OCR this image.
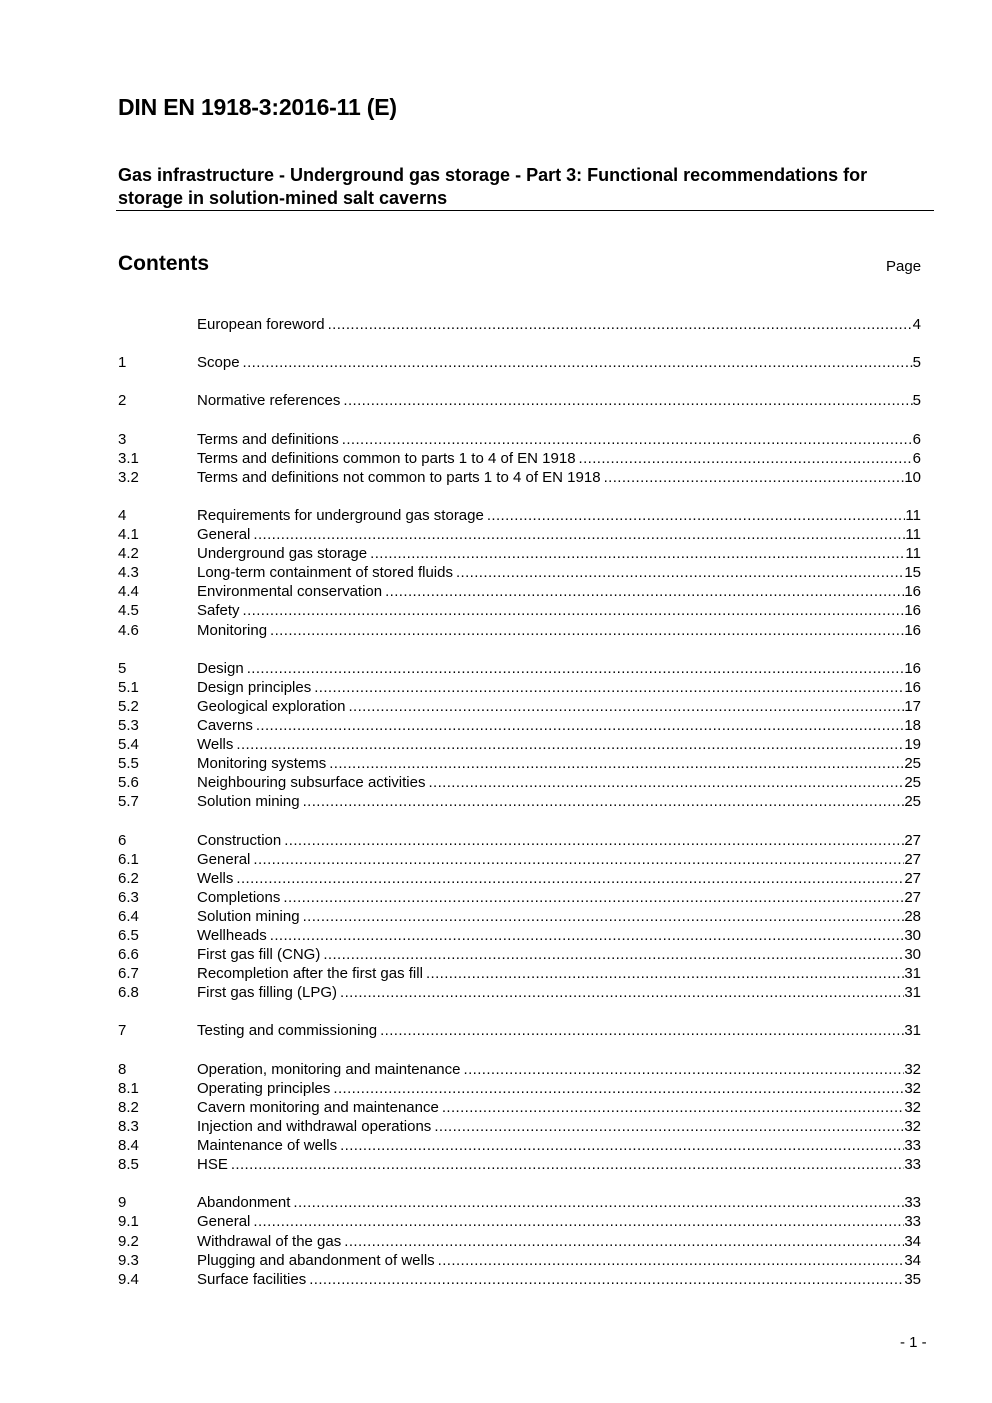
DIN EN 1918-3:2016-11 (E)
Gas infrastructure - Underground gas storage - Part 3: Functional recommendations for storage in solution-mined salt caverns
Contents	Page
European foreword .....	4
1	Scope .....	5
2	Normative references .....	5
3	Terms and definitions .....	6
3.1	Terms and definitions common to parts 1 to 4 of EN 1918 .....	6
3.2	Terms and definitions not common to parts 1 to 4 of EN 1918 .....	10
4	Requirements for underground gas storage .....	11
4.1	General .....	11
4.2	Underground gas storage .....	11
4.3	Long-term containment of stored fluids .....	15
4.4	Environmental conservation .....	16
4.5	Safety .....	16
4.6	Monitoring .....	16
5	Design .....	16
5.1	Design principles .....	16
5.2	Geological exploration .....	17
5.3	Caverns .....	18
5.4	Wells .....	19
5.5	Monitoring systems .....	25
5.6	Neighbouring subsurface activities .....	25
5.7	Solution mining .....	25
6	Construction .....	27
6.1	General .....	27
6.2	Wells .....	27
6.3	Completions .....	27
6.4	Solution mining .....	28
6.5	Wellheads .....	30
6.6	First gas fill (CNG) .....	30
6.7	Recompletion after the first gas fill .....	31
6.8	First gas filling (LPG) .....	31
7	Testing and commissioning .....	31
8	Operation, monitoring and maintenance .....	32
8.1	Operating principles .....	32
8.2	Cavern monitoring and maintenance .....	32
8.3	Injection and withdrawal operations .....	32
8.4	Maintenance of wells .....	33
8.5	HSE .....	33
9	Abandonment .....	33
9.1	General .....	33
9.2	Withdrawal of the gas .....	34
9.3	Plugging and abandonment of wells .....	34
9.4	Surface facilities .....	35
- 1 -
